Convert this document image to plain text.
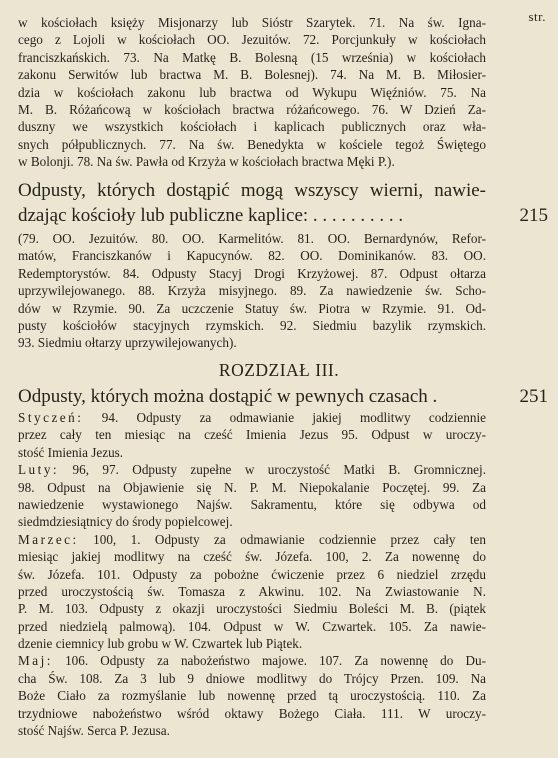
str.
w kościołach księży Misjonarzy lub Sióstr Szarytek. 71. Na św. Igna-
cego z Lojoli w kościołach OO. Jezuitów. 72. Porcjunkuły w kościołach
franciszkańskich. 73. Na Matkę B. Bolesną (15 września) w kościołach
zakonu Serwitów lub bractwa M. B. Bolesnej). 74. Na M. B. Miłosier-
dzia w kościołach zakonu lub bractwa od Wykupu Więźniów. 75. Na
M. B. Różańcową w kościołach bractwa różańcowego. 76. W Dzień Za-
duszny we wszystkich kościołach i kaplicach publicznych oraz wła-
snych półpublicznych. 77. Na św. Benedykta w kościele tegoż Świętego
w Bolonji. 78. Na św. Pawła od Krzyża w kościołach bractwa Męki P.).
Odpusty, których dostąpić mogą wszyscy wierni, nawie-
dzając kościoły lub publiczne kaplice: . . . . . . . . . .	215
(79. OO. Jezuitów. 80. OO. Karmelitów. 81. OO. Bernardynów, Refor-
matów, Franciszkanów i Kapucynów. 82. OO. Dominikanów. 83. OO.
Redemptorystów. 84. Odpusty Stacyj Drogi Krzyżowej. 87. Odpust ołtarza
uprzywilejowanego. 88. Krzyża misyjnego. 89. Za nawiedzenie św. Scho-
dów w Rzymie. 90. Za uczczenie Statuy św. Piotra w Rzymie. 91. Od-
pusty kościołów stacyjnych rzymskich. 92. Siedmiu bazylik rzymskich.
93. Siedmiu ołtarzy uprzywilejowanych).
ROZDZIAŁ III.
Odpusty, których można dostąpić w pewnych czasach .	251
Styczeń: 94. Odpusty za odmawianie jakiej modlitwy codziennie
przez cały ten miesiąc na cześć Imienia Jezus 95. Odpust w uroczy-
stość Imienia Jezus.
Luty: 96, 97. Odpusty zupełne w uroczystość Matki B. Gromnicznej.
98. Odpust na Objawienie się N. P. M. Niepokalanie Poczętej. 99. Za
nawiedzenie wystawionego Najśw. Sakramentu, które się odbywa od
siedmdziesiątnicy do środy popielcowej.
Marzec: 100, 1. Odpusty za odmawianie codziennie przez cały ten
miesiąc jakiej modlitwy na cześć św. Józefa. 100, 2. Za nowennę do
św. Józefa. 101. Odpusty za pobożne ćwiczenie przez 6 niedziel zrzędu
przed uroczystością św. Tomasza z Akwinu. 102. Na Zwiastowanie N.
P. M. 103. Odpusty z okazji uroczystości Siedmiu Boleści M. B. (piątek
przed niedzielą palmową). 104. Odpust w W. Czwartek. 105. Za nawie-
dzenie ciemnicy lub grobu w W. Czwartek lub Piątek.
Maj: 106. Odpusty za nabożeństwo majowe. 107. Za nowennę do Du-
cha Św. 108. Za 3 lub 9 dniowe modlitwy do Trójcy Przen. 109. Na
Boże Ciało za rozmyślanie lub nowennę przed tą uroczystością. 110. Za
trzydniowe nabożeństwo wśród oktawy Bożego Ciała. 111. W uroczy-
stość Najśw. Serca P. Jezusa.
